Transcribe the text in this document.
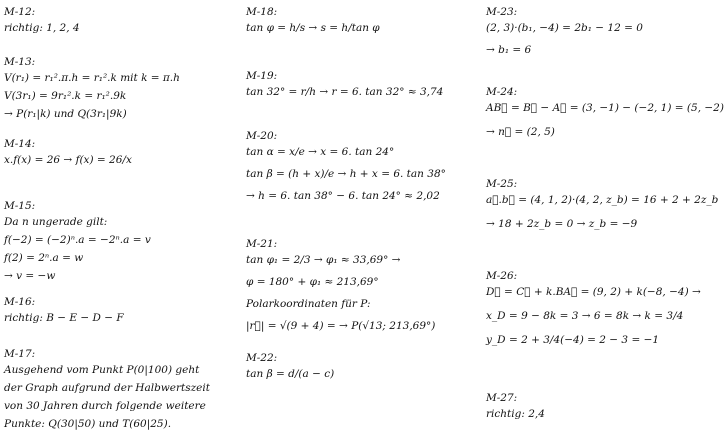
M-12:
richtig: 1, 2, 4
M-13:
V(r₁) = r₁².π.h = r₁².k mit k = π.h
V(3r₁) = 9r₁².k = r₁².9k
→ P(r₁|k) und Q(3r₁|9k)
M-14:
x.f(x) = 26 → f(x) = 26/x
M-15:
Da n ungerade gilt:
f(−2) = (−2)ⁿ.a = −2ⁿ.a = v
f(2) = 2ⁿ.a = w
→ v = −w
M-16:
richtig: B − E − D − F
M-17:
Ausgehend vom Punkt P(0|100) geht
der Graph aufgrund der Halbwertszeit
von 30 Jahren durch folgende weitere
Punkte: Q(30|50) und T(60|25).
M-18:
tan φ = h/s → s = h/tan φ
M-19:
tan 32° = r/h → r = 6. tan 32° ≈ 3,74
M-20:
tan α = x/e → x = 6. tan 24°
tan β = (h + x)/e → h + x = 6. tan 38°
→ h = 6. tan 38° − 6. tan 24° ≈ 2,02
M-21:
tan φ₁ = 2/3 → φ₁ ≈ 33,69° →
φ = 180° + φ₁ ≈ 213,69°
Polarkoordinaten für P:
|r⃗| = √(9 + 4) = → P(√13; 213,69°)
M-22:
tan β = d/(a − c)
M-23:
(2, 3)·(b₁, −4) = 2b₁ − 12 = 0
→ b₁ = 6
M-24:
AB⃗ = B⃗ − A⃗ = (3, −1) − (−2, 1) = (5, −2)
→ n⃗ = (2, 5)
M-25:
a⃗.b⃗ = (4, 1, 2)·(4, 2, z_b) = 16 + 2 + 2z_b
→ 18 + 2z_b = 0 → z_b = −9
M-26:
D⃗ = C⃗ + k.BA⃗ = (9, 2) + k(−8, −4) →
x_D = 9 − 8k = 3 → 6 = 8k → k = 3/4
y_D = 2 + 3/4(−4) = 2 − 3 = −1
M-27:
richtig: 2,4
